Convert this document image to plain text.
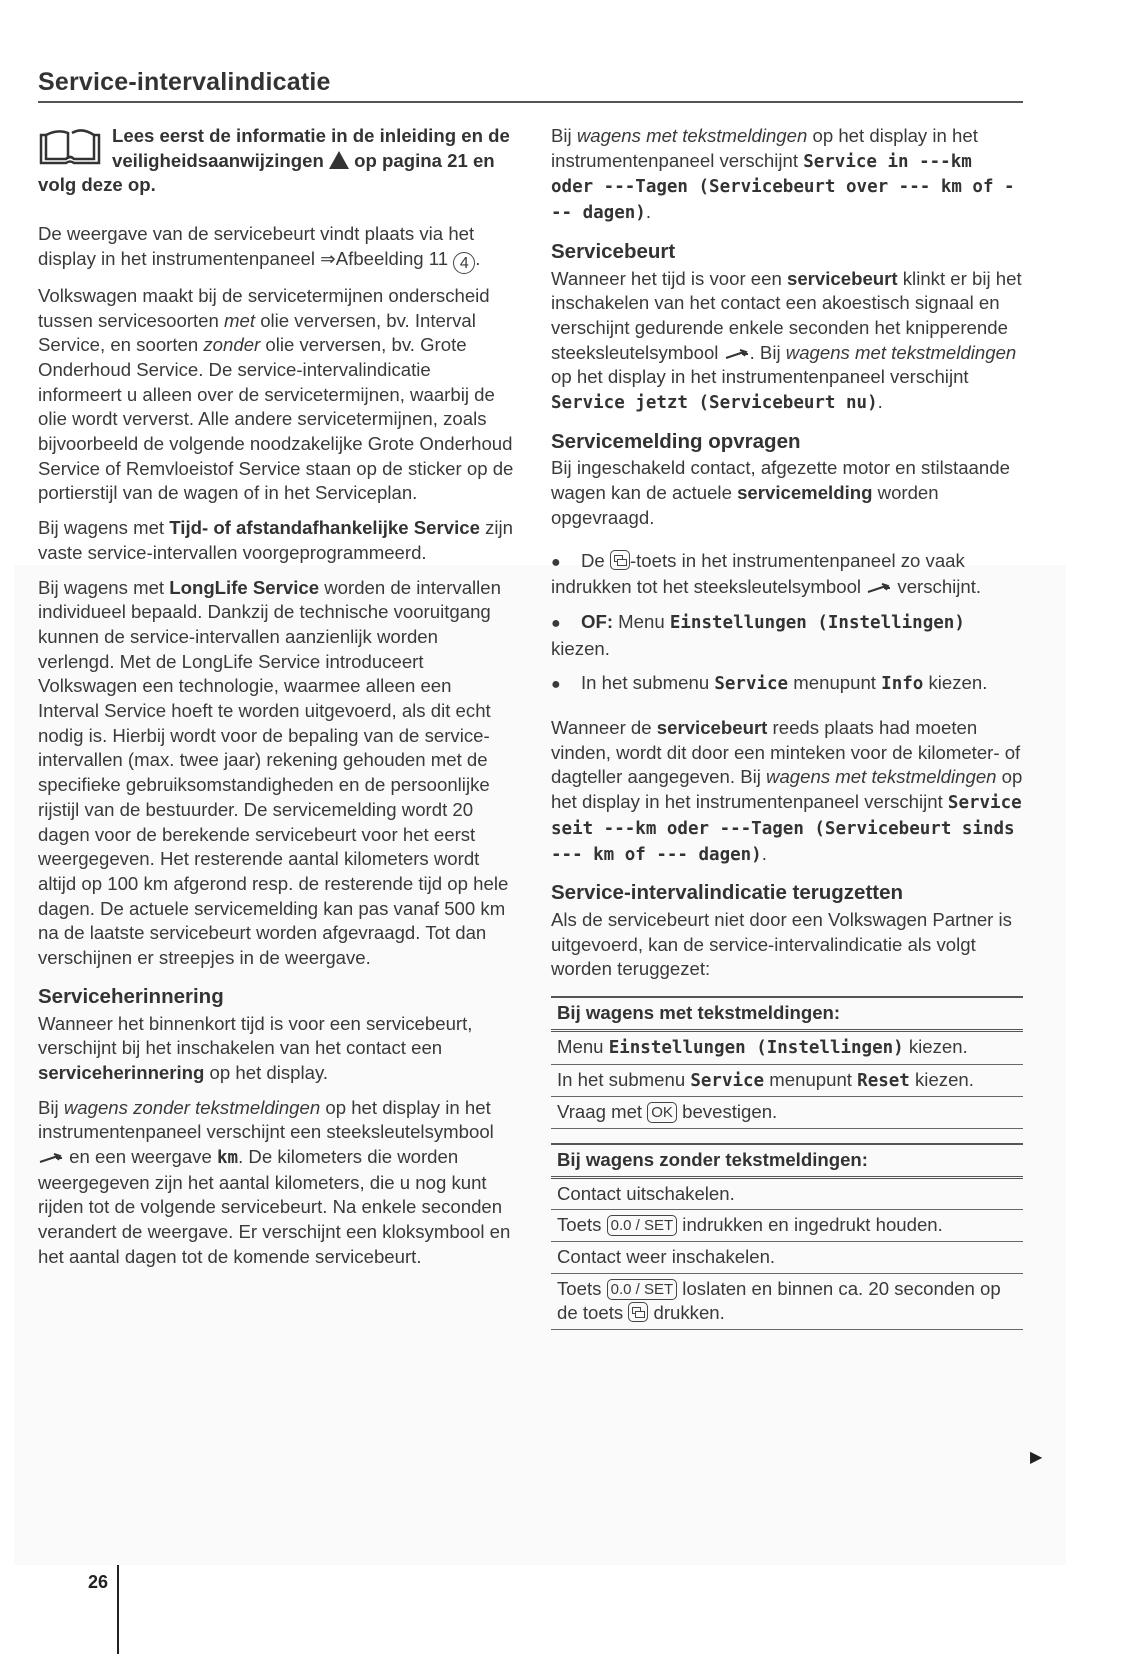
Service-intervalindicatie
Lees eerst de informatie in de inleiding en de veiligheidsaanwijzingen  op pagina 21 en volg deze op.

De weergave van de servicebeurt vindt plaats via het display in het instrumentenpaneel ⇒Afbeelding 11 4 .

Volkswagen maakt bij de servicetermijnen onderscheid tussen servicesoorten met olie verversen, bv. Interval Service, en soorten zonder olie verversen, bv. Grote Onderhoud Service. De service-intervalindicatie informeert u alleen over de servicetermijnen, waarbij de olie wordt ververst. Alle andere servicetermijnen, zoals bijvoorbeeld de volgende noodzakelijke Grote Onderhoud Service of Remvloeistof Service staan op de sticker op de portierstijl van de wagen of in het Serviceplan.

Bij wagens met Tijd- of afstandafhankelijke Service zijn vaste service-intervallen voorgeprogrammeerd.

Bij wagens met LongLife Service worden de intervallen individueel bepaald. Dankzij de technische vooruitgang kunnen de service-intervallen aanzienlijk worden verlengd. Met de LongLife Service introduceert Volkswagen een technologie, waarmee alleen een Interval Service hoeft te worden uitgevoerd, als dit echt nodig is. Hierbij wordt voor de bepaling van de service-intervallen (max. twee jaar) rekening gehouden met de specifieke gebruiksomstandigheden en de persoonlijke rijstijl van de bestuurder. De servicemelding wordt 20 dagen voor de berekende servicebeurt voor het eerst weergegeven. Het resterende aantal kilometers wordt altijd op 100 km afgerond resp. de resterende tijd op hele dagen. De actuele servicemelding kan pas vanaf 500 km na de laatste servicebeurt worden afgevraagd. Tot dan verschijnen er streepjes in de weergave.

Serviceherinnering

Wanneer het binnenkort tijd is voor een servicebeurt, verschijnt bij het inschakelen van het contact een serviceherinnering op het display.

Bij wagens zonder tekstmeldingen op het display in het instrumentenpaneel verschijnt een steeksleutelsymbool  en een weergave km. De kilometers die worden weergegeven zijn het aantal kilometers, die u nog kunt rijden tot de volgende servicebeurt. Na enkele seconden verandert de weergave. Er verschijnt een kloksymbool en het aantal dagen tot de komende servicebeurt.

Bij wagens met tekstmeldingen op het display in het instrumentenpaneel verschijnt Service in ---km oder ---Tagen (Servicebeurt over --- km of --- dagen).

Servicebeurt

Wanneer het tijd is voor een servicebeurt klinkt er bij het inschakelen van het contact een akoestisch signaal en verschijnt gedurende enkele seconden het knipperende steeksleutelsymbool . Bij wagens met tekstmeldingen op het display in het instrumentenpaneel verschijnt Service jetzt (Servicebeurt nu).

Servicemelding opvragen

Bij ingeschakeld contact, afgezette motor en stilstaande wagen kan de actuele servicemelding worden opgevraagd.

● De -toets in het instrumentenpaneel zo vaak indrukken tot het steeksleutelsymbool  verschijnt.
● OF: Menu Einstellungen (Instellingen) kiezen.
● In het submenu Service menupunt Info kiezen.

Wanneer de servicebeurt reeds plaats had moeten vinden, wordt dit door een minteken voor de kilometer- of dagteller aangegeven. Bij wagens met tekstmeldingen op het display in het instrumentenpaneel verschijnt Service seit ---km oder ---Tagen (Servicebeurt sinds --- km of --- dagen).

Service-intervalindicatie terugzetten

Als de servicebeurt niet door een Volkswagen Partner is uitgevoerd, kan de service-intervalindicatie als volgt worden teruggezet:

Bij wagens met tekstmeldingen:
Menu Einstellungen (Instellingen) kiezen.
In het submenu Service menupunt Reset kiezen.
Vraag met OK bevestigen.
Bij wagens zonder tekstmeldingen:
Contact uitschakelen.
Toets 0.0 / SET indrukken en ingedrukt houden.
Contact weer inschakelen.
Toets 0.0 / SET loslaten en binnen ca. 20 seconden op de toets  drukken.
▶
26
